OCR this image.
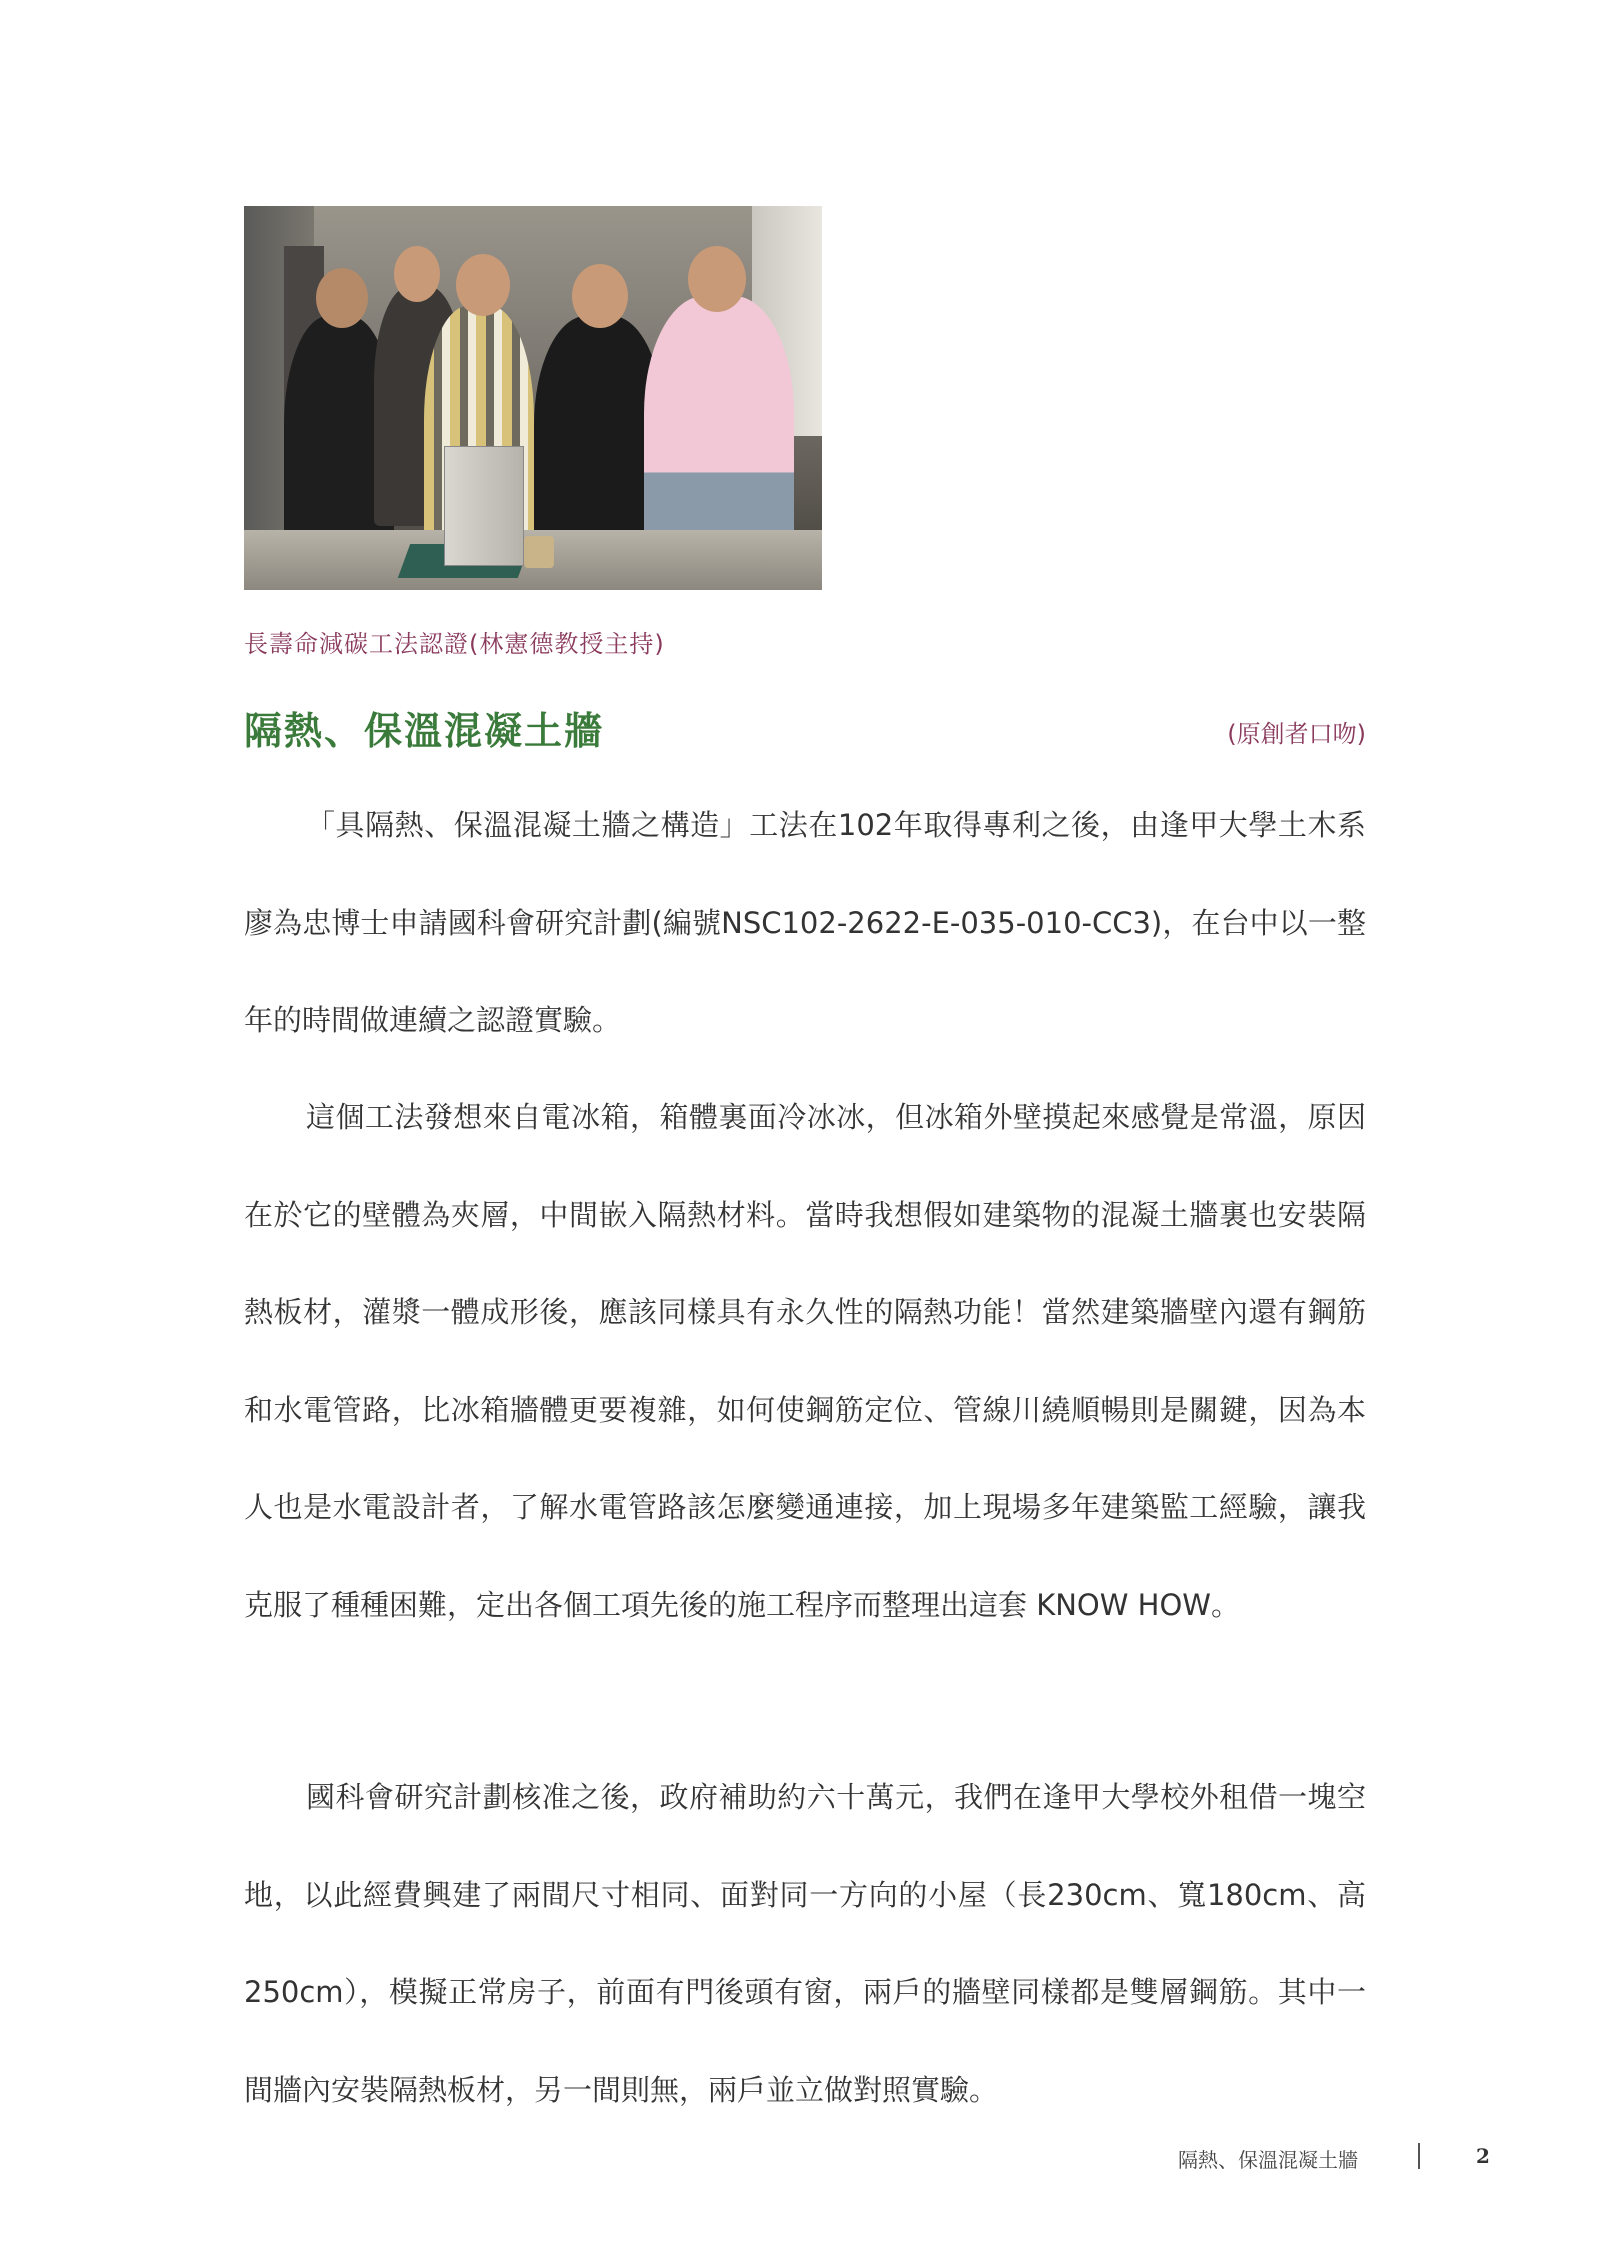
長壽命減碳工法認證(林憲德教授主持)
隔熱、保溫混凝土牆	(原創者口吻)

「具隔熱、保溫混凝土牆之構造」工法在102年取得專利之後，由逢甲大學土木系廖為忠博士申請國科會研究計劃(編號NSC102-2622-E-035-010-CC3)，在台中以一整年的時間做連續之認證實驗。

這個工法發想來自電冰箱，箱體裏面冷冰冰，但冰箱外壁摸起來感覺是常溫，原因在於它的壁體為夾層，中間嵌入隔熱材料。當時我想假如建築物的混凝土牆裏也安裝隔熱板材，灌漿一體成形後，應該同樣具有永久性的隔熱功能！當然建築牆壁內還有鋼筋和水電管路，比冰箱牆體更要複雜，如何使鋼筋定位、管線川繞順暢則是關鍵，因為本人也是水電設計者，了解水電管路該怎麼變通連接，加上現場多年建築監工經驗，讓我克服了種種困難，定出各個工項先後的施工程序而整理出這套 KNOW HOW。

國科會研究計劃核准之後，政府補助約六十萬元，我們在逢甲大學校外租借一塊空地，以此經費興建了兩間尺寸相同、面對同一方向的小屋（長230cm、寬180cm、高250cm），模擬正常房子，前面有門後頭有窗，兩戶的牆壁同樣都是雙層鋼筋。其中一間牆內安裝隔熱板材，另一間則無，兩戶並立做對照實驗。

隔熱、保溫混凝土牆	2
